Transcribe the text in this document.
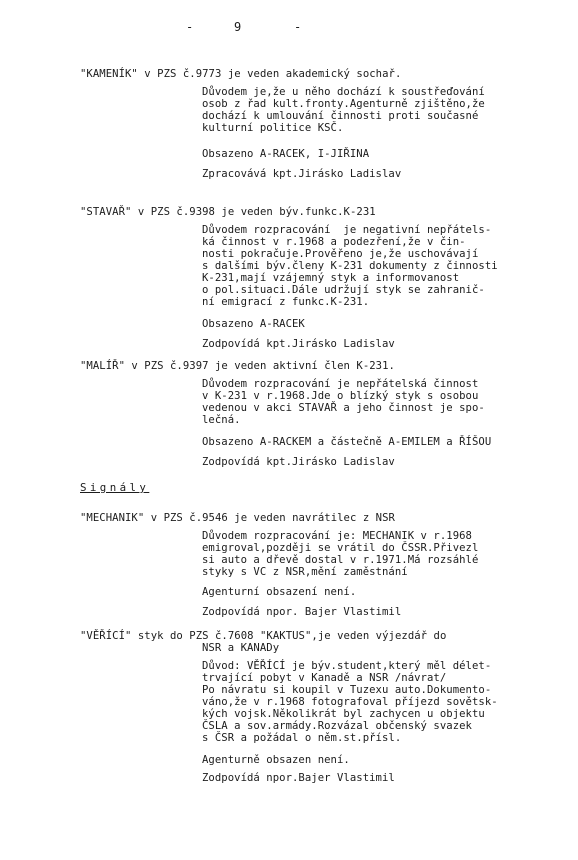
-	9	-
"KAMENÍK" v PZS č.9773 je veden akademický sochař.
Důvodem je,že u něho dochází k soustřeďování
osob z řad kult.fronty.Agenturně zjištěno,že
dochází k umlouvání činnosti proti současné
kulturní politice KSČ.
Obsazeno A-RACEK, I-JIŘINA
Zpracovává kpt.Jirásko Ladislav
"STAVAŘ" v PZS č.9398 je veden býv.funkc.K-231
Důvodem rozpracování  je negativní nepřátels-
ká činnost v r.1968 a podezření,že v čin-
nosti pokračuje.Prověřeno je,že uschovávají
s dalšími býv.členy K-231 dokumenty z činnosti
K-231,mají vzájemný styk a informovanost
o pol.situaci.Dále udržují styk se zahranič-
ní emigrací z funkc.K-231.
Obsazeno A-RACEK
Zodpovídá kpt.Jirásko Ladislav
"MALÍŘ" v PZS č.9397 je veden aktivní člen K-231.
Důvodem rozpracování je nepřátelská činnost
v K-231 v r.1968.Jde o blízký styk s osobou
vedenou v akci STAVAŘ a jeho činnost je spo-
lečná.
Obsazeno A-RACKEM a částečně A-EMILEM a ŘÍŠOU
Zodpovídá kpt.Jirásko Ladislav
Signály
"MECHANIK" v PZS č.9546 je veden navrátilec z NSR
Důvodem rozpracování je: MECHANIK v r.1968
emigroval,později se vrátil do ČSSR.Přivezl
si auto a dřevě dostal v r.1971.Má rozsáhlé
styky s VC z NSR,mění zaměstnání
Agenturní obsazení není.
Zodpovídá npor. Bajer Vlastimil
"VĚŘÍCÍ" styk do PZS č.7608 "KAKTUS",je veden výjezdář do
NSR a KANADy
Důvod: VĚŘÍCÍ je býv.student,který měl délet-
trvající pobyt v Kanadě a NSR /návrat/
Po návratu si koupil v Tuzexu auto.Dokumento-
váno,že v r.1968 fotografoval příjezd sovětsk-
kých vojsk.Několikrát byl zachycen u objektu
ČSLA a sov.armády.Rozvázal občenský svazek
s ČSR a požádal o něm.st.přísl.
Agenturně obsazen není.
Zodpovídá npor.Bajer Vlastimil
